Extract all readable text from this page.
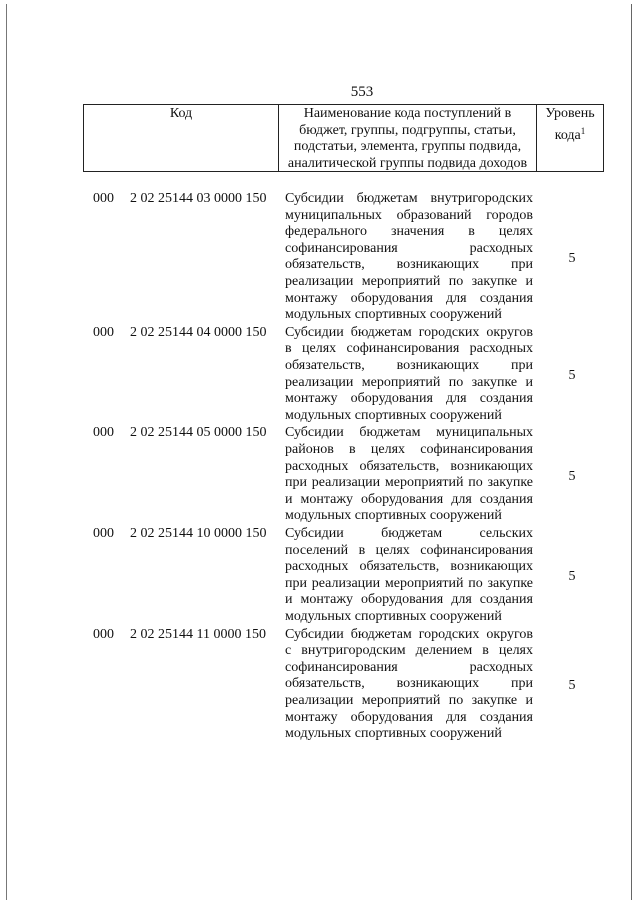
553
Код	Наименование кода поступлений в
бюджет, группы, подгруппы, статьи,
подстатьи, элемента, группы подвида,
аналитической группы подвида доходов
Уровень
кода$^1$
000 2 02 25144 03 0000 150 Субсидии бюджетам внутригородских
муниципальных образований городов
федерального значения в целях
софинансирования расходных
обязательств, возникающих при
реализации мероприятий по закупке и
монтажу оборудования для создания
модульных спортивных сооружений
5
000 2 02 25144 04 0000 150 Субсидии бюджетам городских округов
в целях софинансирования расходных
обязательств, возникающих при
реализации мероприятий по закупке и
монтажу оборудования для создания
модульных спортивных сооружений
5
000 2 02 25144 05 0000 150 Субсидии бюджетам муниципальных
районов в целях софинансирования
расходных обязательств, возникающих
при реализации мероприятий по закупке
и монтажу оборудования для создания
модульных спортивных сооружений
5
000 2 02 25144 10 0000 150 Субсидии бюджетам сельских
поселений в целях софинансирования
расходных обязательств, возникающих
при реализации мероприятий по закупке
и монтажу оборудования для создания
модульных спортивных сооружений
5
000 2 02 25144 11 0000 150 Субсидии бюджетам городских округов
с внутригородским делением в целях
софинансирования расходных
обязательств, возникающих при
реализации мероприятий по закупке и
монтажу оборудования для создания
модульных спортивных сооружений
5
